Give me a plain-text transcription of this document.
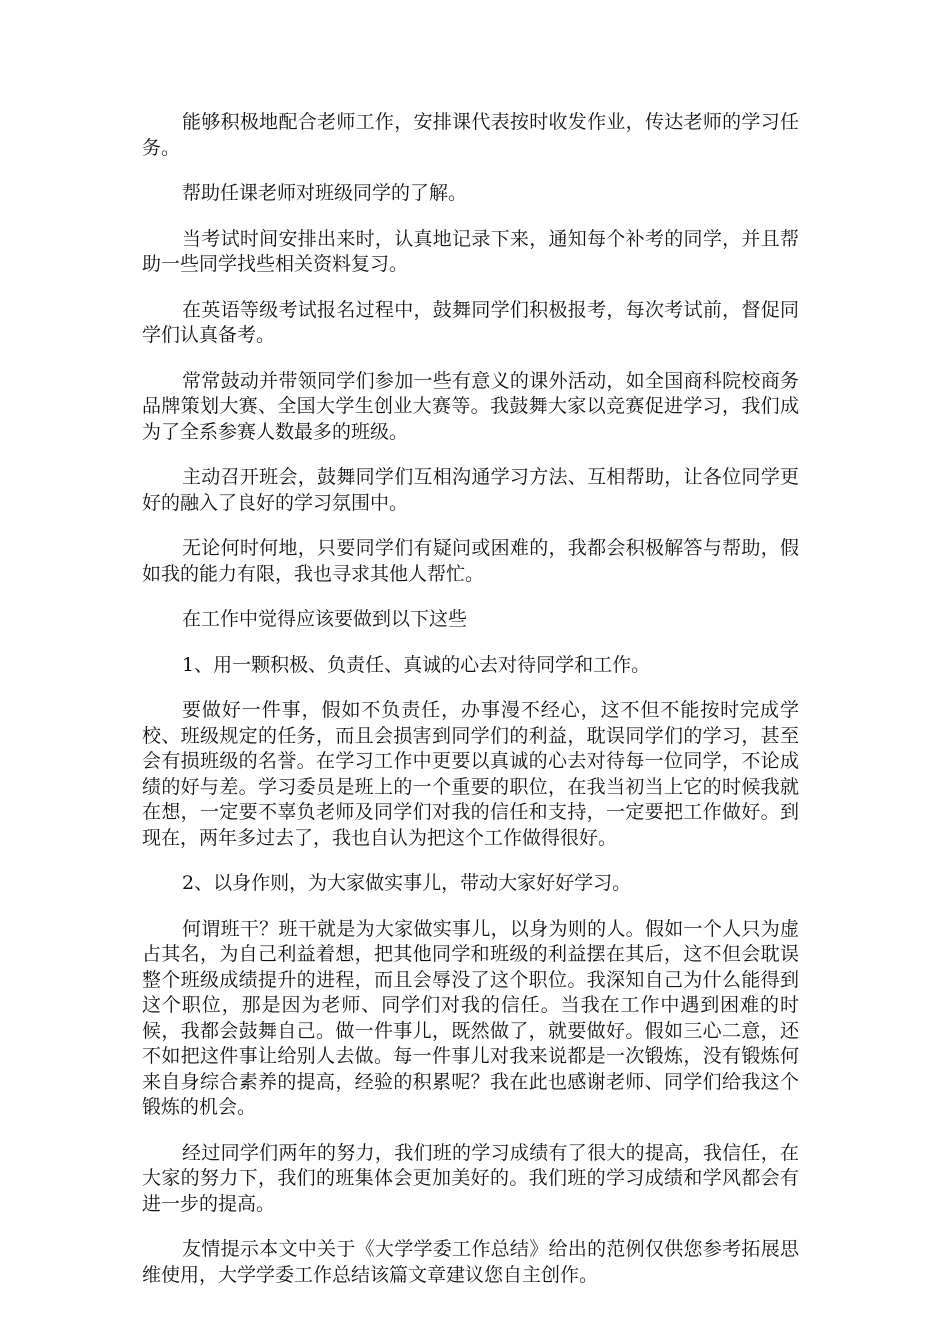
能够积极地配合老师工作，安排课代表按时收发作业，传达老师的学习任务。

帮助任课老师对班级同学的了解。

当考试时间安排出来时，认真地记录下来，通知每个补考的同学，并且帮助一些同学找些相关资料复习。

在英语等级考试报名过程中，鼓舞同学们积极报考，每次考试前，督促同学们认真备考。

常常鼓动并带领同学们参加一些有意义的课外活动，如全国商科院校商务品牌策划大赛、全国大学生创业大赛等。我鼓舞大家以竞赛促进学习，我们成为了全系参赛人数最多的班级。

主动召开班会，鼓舞同学们互相沟通学习方法、互相帮助，让各位同学更好的融入了良好的学习氛围中。

无论何时何地，只要同学们有疑问或困难的，我都会积极解答与帮助，假如我的能力有限，我也寻求其他人帮忙。

在工作中觉得应该要做到以下这些

1、用一颗积极、负责任、真诚的心去对待同学和工作。

要做好一件事，假如不负责任，办事漫不经心，这不但不能按时完成学校、班级规定的任务，而且会损害到同学们的利益，耽误同学们的学习，甚至会有损班级的名誉。在学习工作中更要以真诚的心去对待每一位同学，不论成绩的好与差。学习委员是班上的一个重要的职位，在我当初当上它的时候我就在想，一定要不辜负老师及同学们对我的信任和支持，一定要把工作做好。到现在，两年多过去了，我也自认为把这个工作做得很好。

2、以身作则，为大家做实事儿，带动大家好好学习。

何谓班干？班干就是为大家做实事儿，以身为则的人。假如一个人只为虚占其名，为自己利益着想，把其他同学和班级的利益摆在其后，这不但会耽误整个班级成绩提升的进程，而且会辱没了这个职位。我深知自己为什么能得到这个职位，那是因为老师、同学们对我的信任。当我在工作中遇到困难的时候，我都会鼓舞自己。做一件事儿，既然做了，就要做好。假如三心二意，还不如把这件事让给别人去做。每一件事儿对我来说都是一次锻炼，没有锻炼何来自身综合素养的提高，经验的积累呢？我在此也感谢老师、同学们给我这个锻炼的机会。

经过同学们两年的努力，我们班的学习成绩有了很大的提高，我信任，在大家的努力下，我们的班集体会更加美好的。我们班的学习成绩和学风都会有进一步的提高。

友情提示本文中关于《大学学委工作总结》给出的范例仅供您参考拓展思维使用，大学学委工作总结该篇文章建议您自主创作。
